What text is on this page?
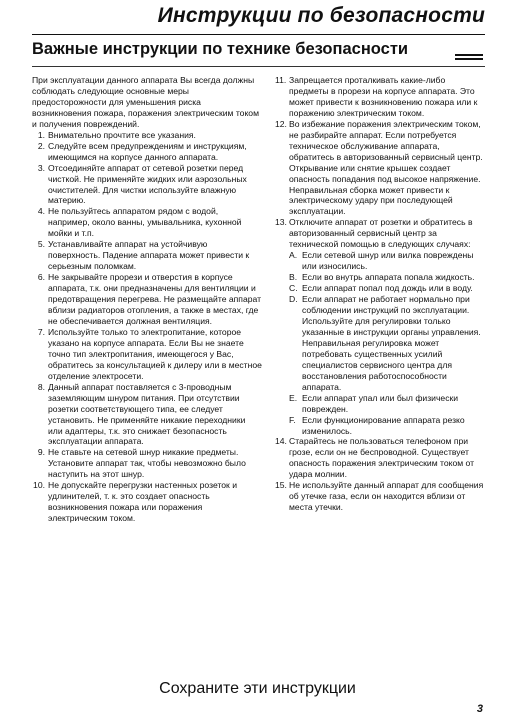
Инструкции по безопасности
Важные инструкции по технике безопасности

При эксплуатации данного аппарата Вы всегда должны соблюдать следующие основные меры предосторожности для уменьшения риска возникновения пожара, поражения электрическим током и получения повреждений.

1. Внимательно прочтите все указания.
2. Следуйте всем предупреждениям и инструкциям, имеющимся на корпусе данного аппарата.
3. Отсоединяйте аппарат от сетевой розетки перед чисткой. Не применяйте жидких или аэрозольных очистителей. Для чистки используйте влажную материю.
4. Не пользуйтесь аппаратом рядом с водой, например, около ванны, умывальника, кухонной мойки и т.п.
5. Устанавливайте аппарат на устойчивую поверхность. Падение аппарата может привести к серьезным поломкам.
6. Не закрывайте прорези и отверстия в корпусе аппарата, т.к. они предназначены для вентиляции и предотвращения перегрева. Не размещайте аппарат вблизи радиаторов отопления, а также в местах, где не обеспечивается должная вентиляция.
7. Используйте только то электропитание, которое указано на корпусе аппарата. Если Вы не знаете точно тип электропитания, имеющегося у Вас, обратитесь за консультацией к дилеру или в местное отделение электросети.
8. Данный аппарат поставляется с 3-проводным заземляющим шнуром питания. При отсутствии розетки соответствующего типа, ее следует установить. Не применяйте никакие переходники или адаптеры, т.к. это снижает безопасность эксплуатации аппарата.
9. Не ставьте на сетевой шнур никакие предметы. Установите аппарат так, чтобы невозможно было наступить на этот шнур.
10. Не допускайте перегрузки настенных розеток и удлинителей, т. к. это создает опасность возникновения пожара или поражения электрическим током.
11. Запрещается проталкивать какие-либо предметы в прорези на корпусе аппарата. Это может привести к возникновению пожара или к поражению электрическим током.
12. Во избежание поражения электрическим током, не разбирайте аппарат. Если потребуется техническое обслуживание аппарата, обратитесь в авторизованный сервисный центр. Открывание или снятие крышек создает опасность попадания под высокое напряжение. Неправильная сборка может привести к электрическому удару при последующей эксплуатации.
13. Отключите аппарат от розетки и обратитесь в авторизованный сервисный центр за технической помощью в следующих случаях:

A. Если сетевой шнур или вилка повреждены или износились.

B. Если во внутрь аппарата попала жидкость.

C. Если аппарат попал под дождь или в воду.

D. Если аппарат не работает нормально при соблюдении инструкций по эксплуатации. Используйте для регулировки только указанные в инструкции органы управления. Неправильная регулировка может потребовать существенных усилий специалистов сервисного центра для восстановления работоспособности аппарата.

E. Если аппарат упал или был физически поврежден.

F. Если функционирование аппарата резко изменилось.

14. Старайтесь не пользоваться телефоном при грозе, если он не беспроводной. Существует опасность поражения электрическим током от удара молнии.
15. Не используйте данный аппарат для сообщения об утечке газа, если он находится вблизи от места утечки.

Сохраните эти инструкции

3
